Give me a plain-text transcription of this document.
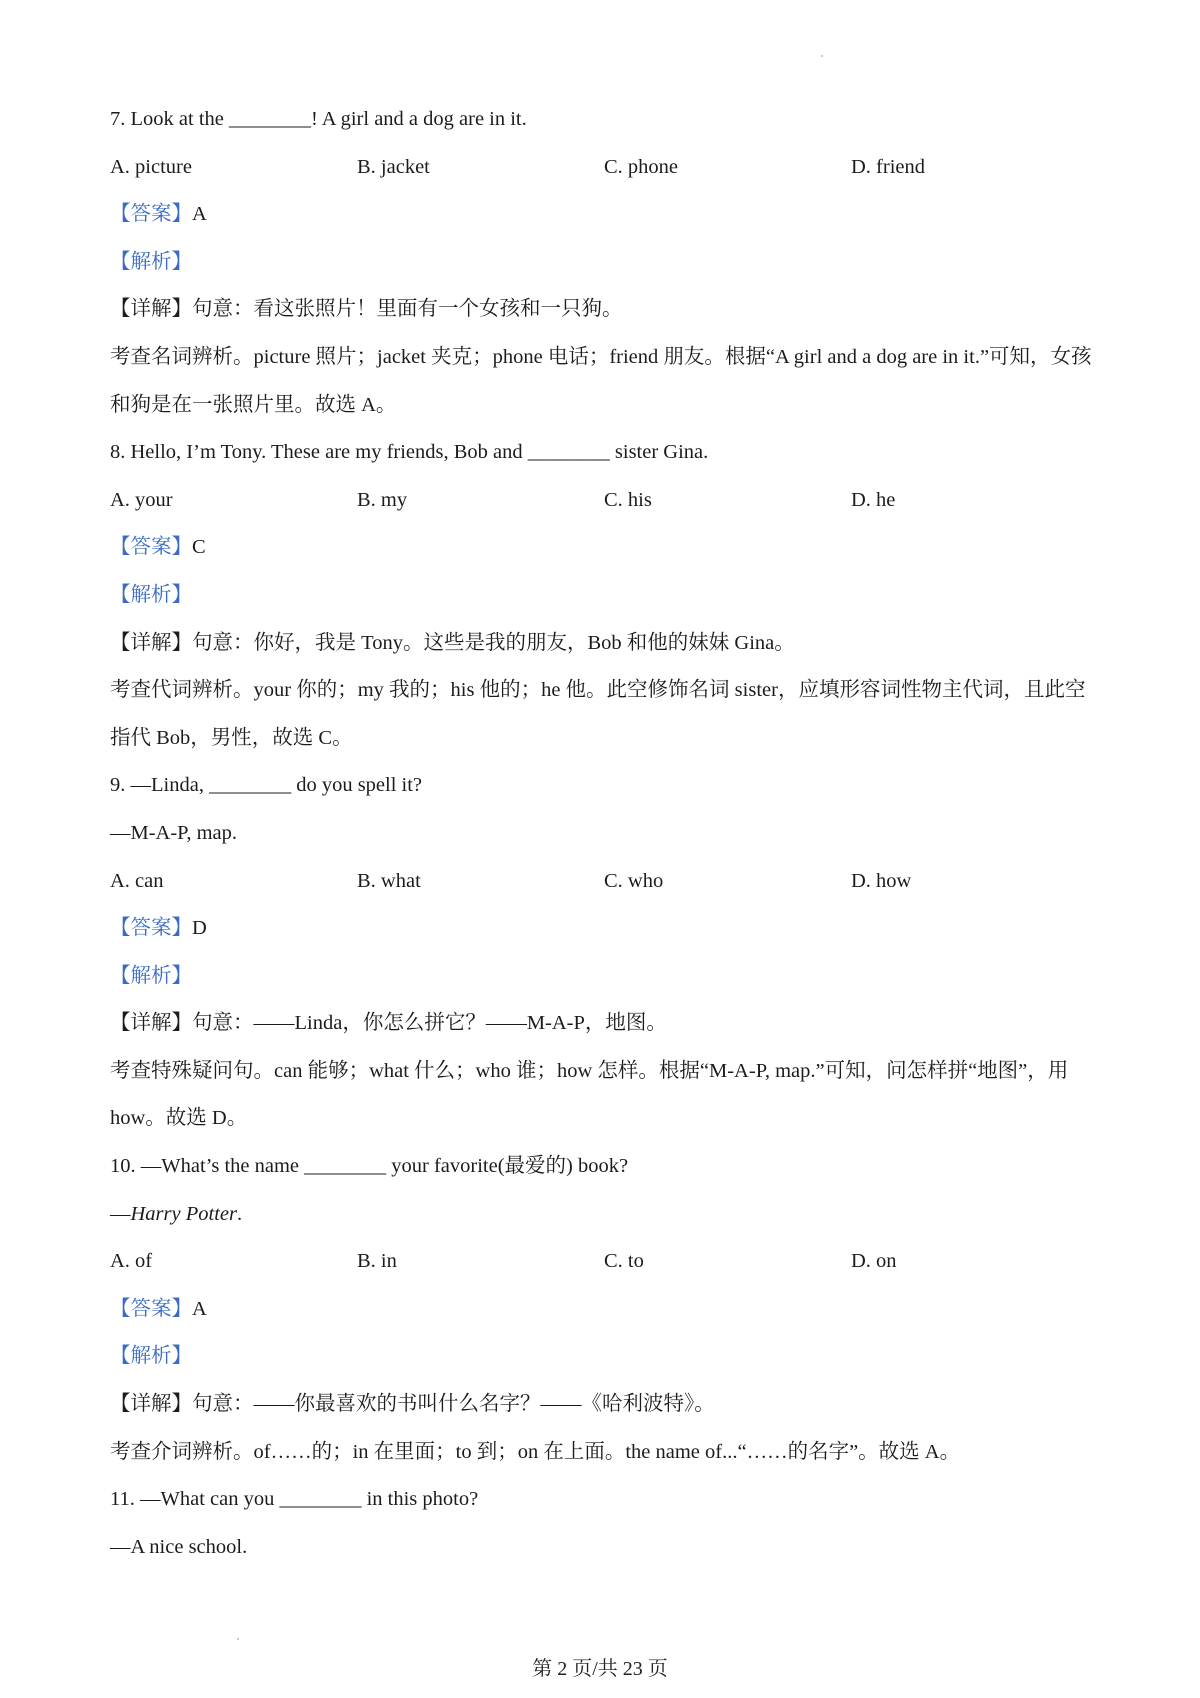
7. Look at the ________! A girl and a dog are in it.
A. picture	B. jacket	C. phone	D. friend
【答案】A
【解析】
【详解】句意：看这张照片！里面有一个女孩和一只狗。
考查名词辨析。picture 照片；jacket 夹克；phone 电话；friend 朋友。根据“A girl and a dog are in it.”可知，女孩和狗是在一张照片里。故选 A。
8. Hello, I’m Tony. These are my friends, Bob and ________ sister Gina.
A. your	B. my	C. his	D. he
【答案】C
【解析】
【详解】句意：你好，我是 Tony。这些是我的朋友，Bob 和他的妹妹 Gina。
考查代词辨析。your 你的；my 我的；his 他的；he 他。此空修饰名词 sister，应填形容词性物主代词，且此空指代 Bob，男性，故选 C。
9. —Linda, ________ do you spell it?
—M-A-P, map.
A. can	B. what	C. who	D. how
【答案】D
【解析】
【详解】句意：——Linda，你怎么拼它？——M-A-P，地图。
考查特殊疑问句。can 能够；what 什么；who 谁；how 怎样。根据“M-A-P, map.”可知，问怎样拼“地图”，用 how。故选 D。
10. —What’s the name ________ your favorite(最爱的) book?
—Harry Potter.
A. of	B. in	C. to	D. on
【答案】A
【解析】
【详解】句意：——你最喜欢的书叫什么名字？——《哈利波特》。
考查介词辨析。of……的；in 在里面；to 到；on 在上面。the name of...“……的名字”。故选 A。
11. —What can you ________ in this photo?
—A nice school.
第 2 页/共 23 页
